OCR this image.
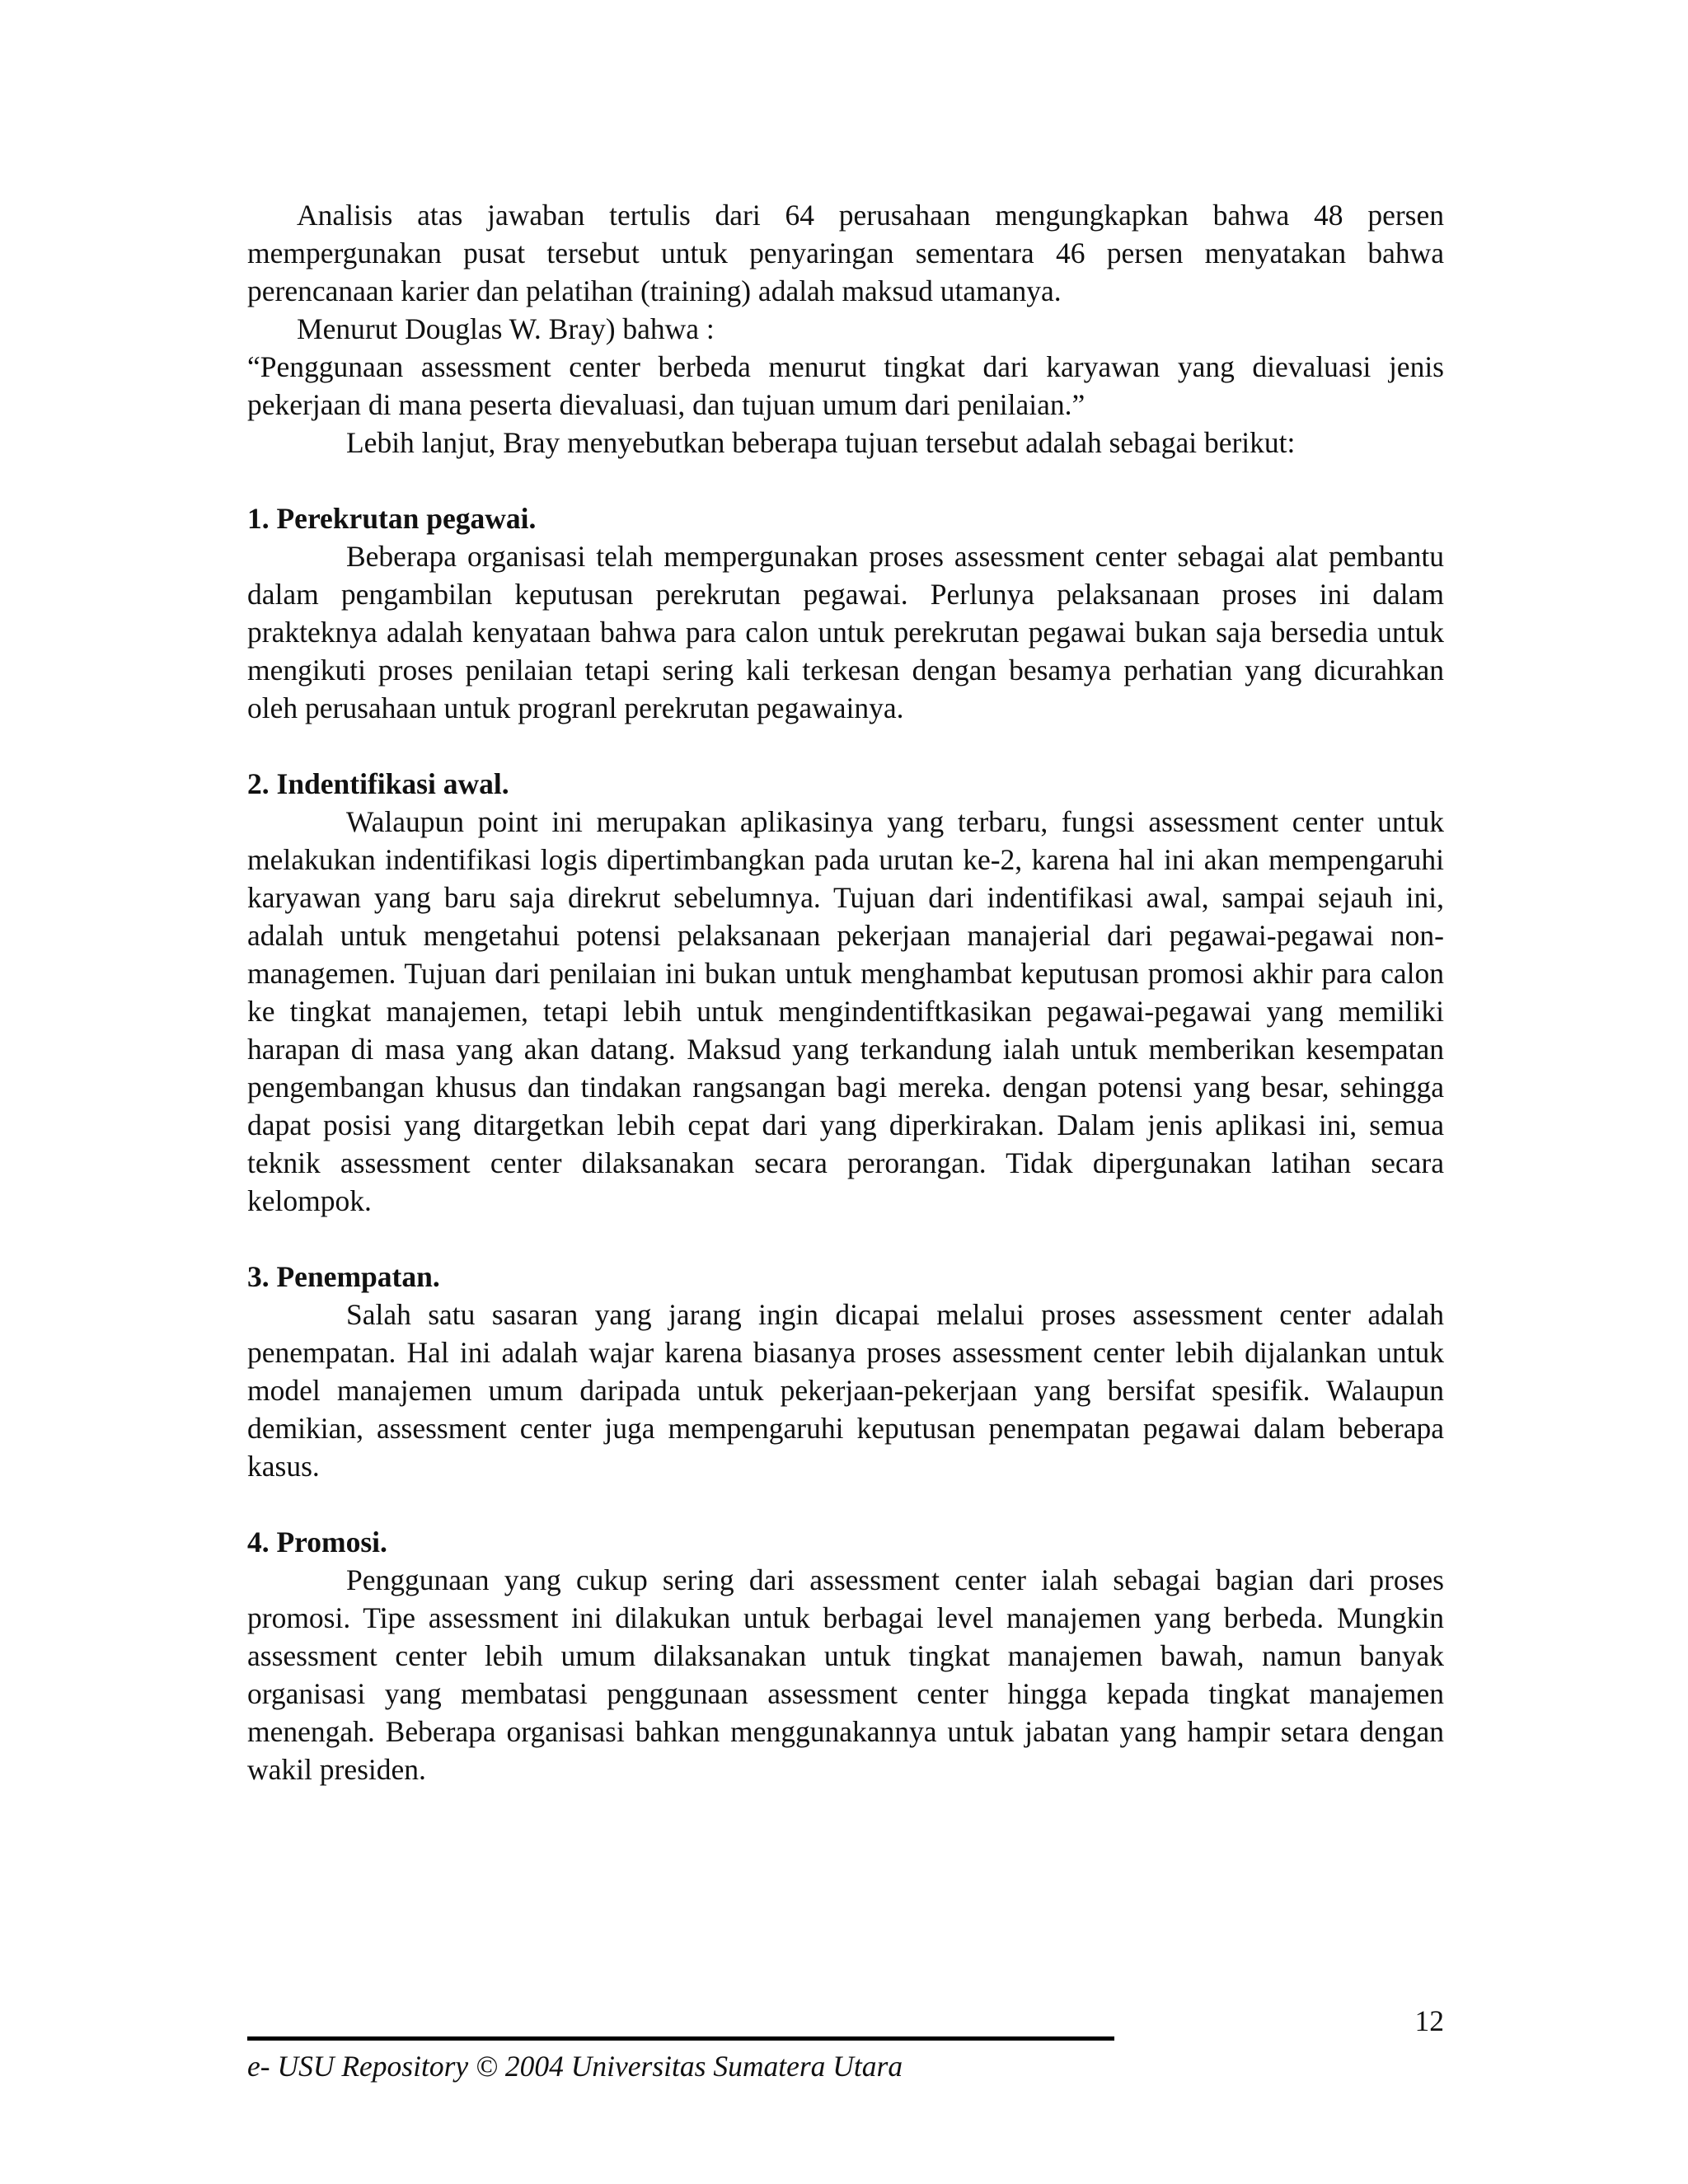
Analisis atas jawaban tertulis dari 64 perusahaan mengungkapkan bahwa 48 persen mempergunakan pusat tersebut untuk penyaringan sementara 46 persen menyatakan bahwa perencanaan karier dan pelatihan (training) adalah maksud utamanya.

Menurut Douglas W. Bray) bahwa :

“Penggunaan assessment center berbeda menurut tingkat dari karyawan yang dievaluasi jenis pekerjaan di mana peserta dievaluasi, dan tujuan umum dari penilaian.”

Lebih lanjut, Bray menyebutkan beberapa tujuan tersebut adalah sebagai berikut:

1. Perekrutan pegawai.

Beberapa organisasi telah mempergunakan proses assessment center sebagai alat pembantu dalam pengambilan keputusan perekrutan pegawai. Perlunya pelaksanaan proses ini dalam prakteknya adalah kenyataan bahwa para calon untuk perekrutan pegawai bukan saja bersedia untuk mengikuti proses penilaian tetapi sering kali terkesan dengan besamya perhatian yang dicurahkan oleh perusahaan untuk progranl perekrutan pegawainya.

2. Indentifikasi awal.

Walaupun point ini merupakan aplikasinya yang terbaru, fungsi assessment center untuk melakukan indentifikasi logis dipertimbangkan pada urutan ke-2, karena hal ini akan mempengaruhi karyawan yang baru saja direkrut sebelumnya. Tujuan dari indentifikasi awal, sampai sejauh ini, adalah untuk mengetahui potensi pelaksanaan pekerjaan manajerial dari pegawai-pegawai non-managemen. Tujuan dari penilaian ini bukan untuk menghambat keputusan promosi akhir para calon ke tingkat manajemen, tetapi lebih untuk mengindentiftkasikan pegawai-pegawai yang memiliki harapan di masa yang akan datang. Maksud yang terkandung ialah untuk memberikan kesempatan pengembangan khusus dan tindakan rangsangan bagi mereka. dengan potensi yang besar, sehingga dapat posisi yang ditargetkan lebih cepat dari yang diperkirakan. Dalam jenis aplikasi ini, semua teknik assessment center dilaksanakan secara perorangan. Tidak dipergunakan latihan secara kelompok.

3. Penempatan.

Salah satu sasaran yang jarang ingin dicapai melalui proses assessment center adalah penempatan. Hal ini adalah wajar karena biasanya proses assessment center lebih dijalankan untuk model manajemen umum daripada untuk pekerjaan-pekerjaan yang bersifat spesifik. Walaupun demikian, assessment center juga mempengaruhi keputusan penempatan pegawai dalam beberapa kasus.

4. Promosi.

Penggunaan yang cukup sering dari assessment center ialah sebagai bagian dari proses promosi. Tipe assessment ini dilakukan untuk berbagai level manajemen yang berbeda. Mungkin assessment center lebih umum dilaksanakan untuk tingkat manajemen bawah, namun banyak organisasi yang membatasi penggunaan assessment center hingga kepada tingkat manajemen menengah. Beberapa organisasi bahkan menggunakannya untuk jabatan yang hampir setara dengan wakil presiden.

12
e- USU Repository © 2004 Universitas Sumatera Utara
